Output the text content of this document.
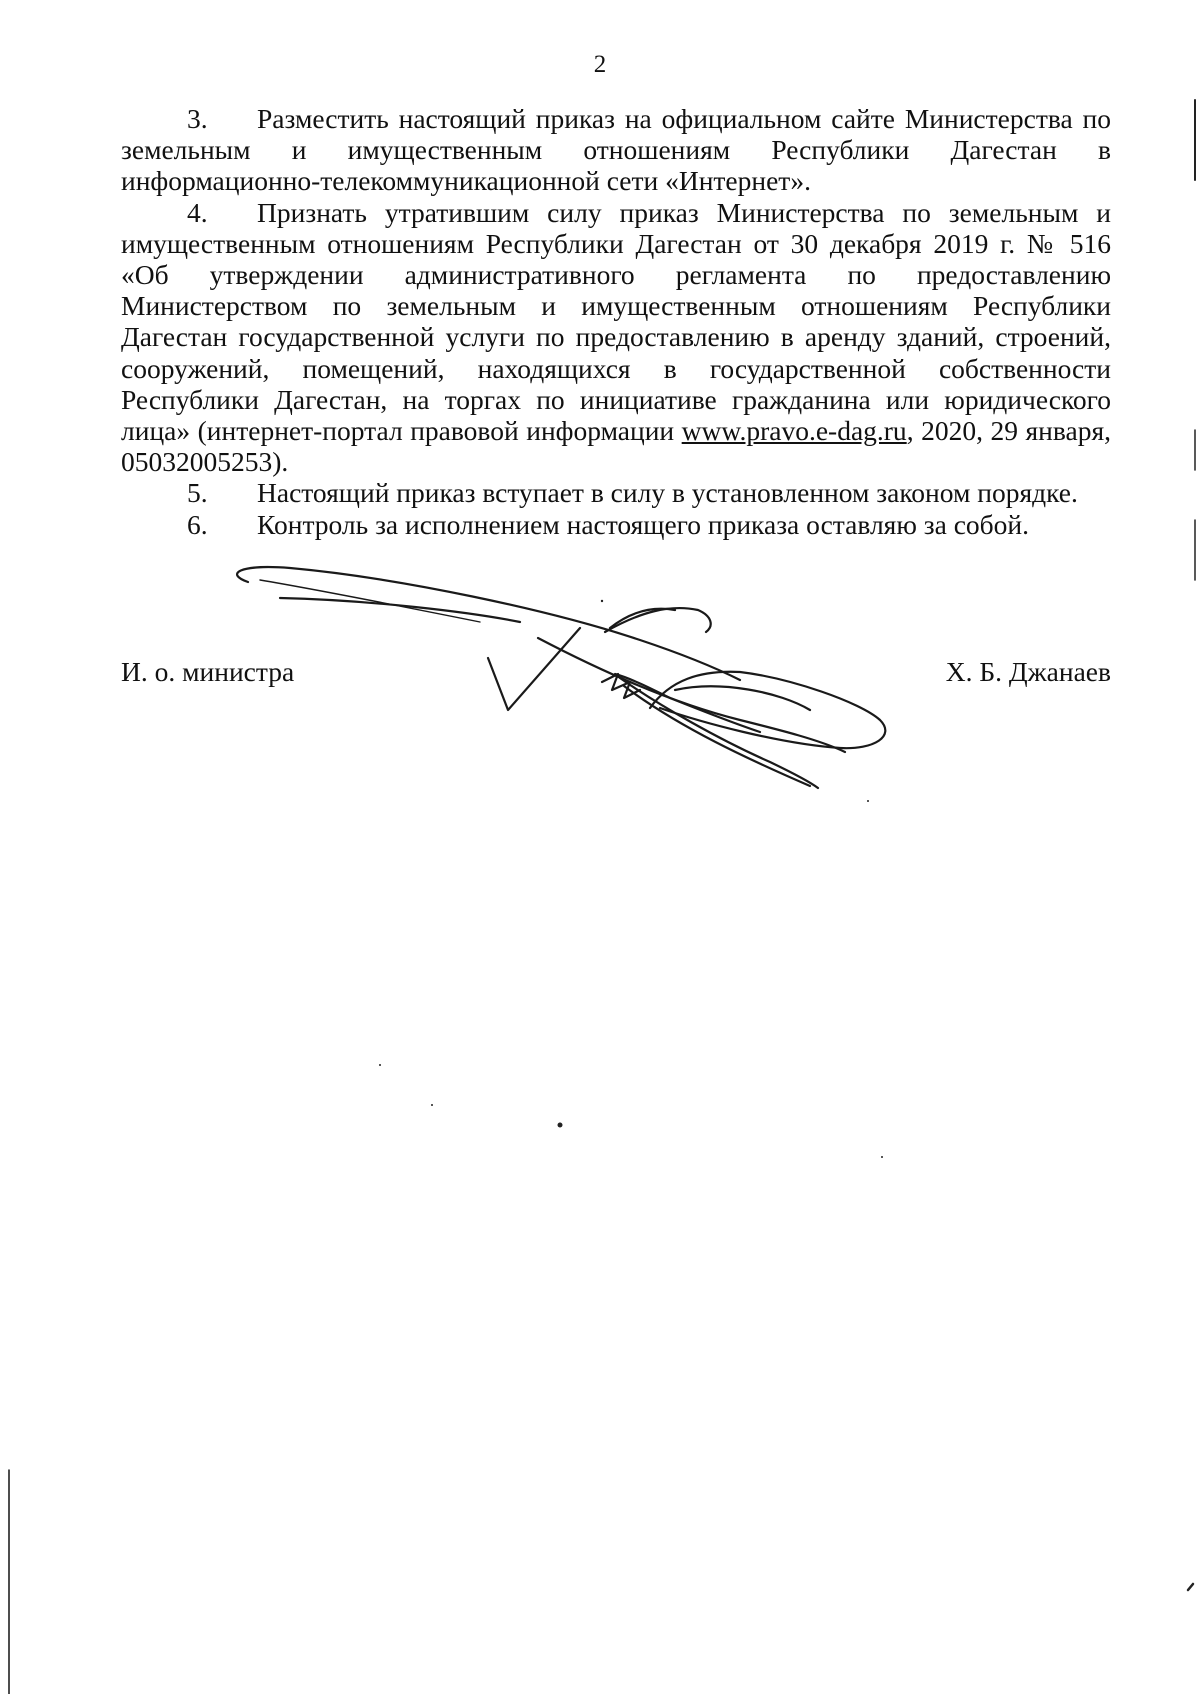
2

3. Разместить настоящий приказ на официальном сайте Министерства по земельным и имущественным отношениям Республики Дагестан в информационно-телекоммуникационной сети «Интернет».

4. Признать утратившим силу приказ Министерства по земельным и имущественным отношениям Республики Дагестан от 30 декабря 2019 г. № 516 «Об утверждении административного регламента по предоставлению Министерством по земельным и имущественным отношениям Республики Дагестан государственной услуги по предоставлению в аренду зданий, строений, сооружений, помещений, находящихся в государственной собственности Республики Дагестан, на торгах по инициативе гражданина или юридического лица» (интернет-портал правовой информации www.pravo.e-dag.ru, 2020, 29 января, 05032005253).

5. Настоящий приказ вступает в силу в установленном законом порядке.

6. Контроль за исполнением настоящего приказа оставляю за собой.

И. о. министра	Х. Б. Джанаев
